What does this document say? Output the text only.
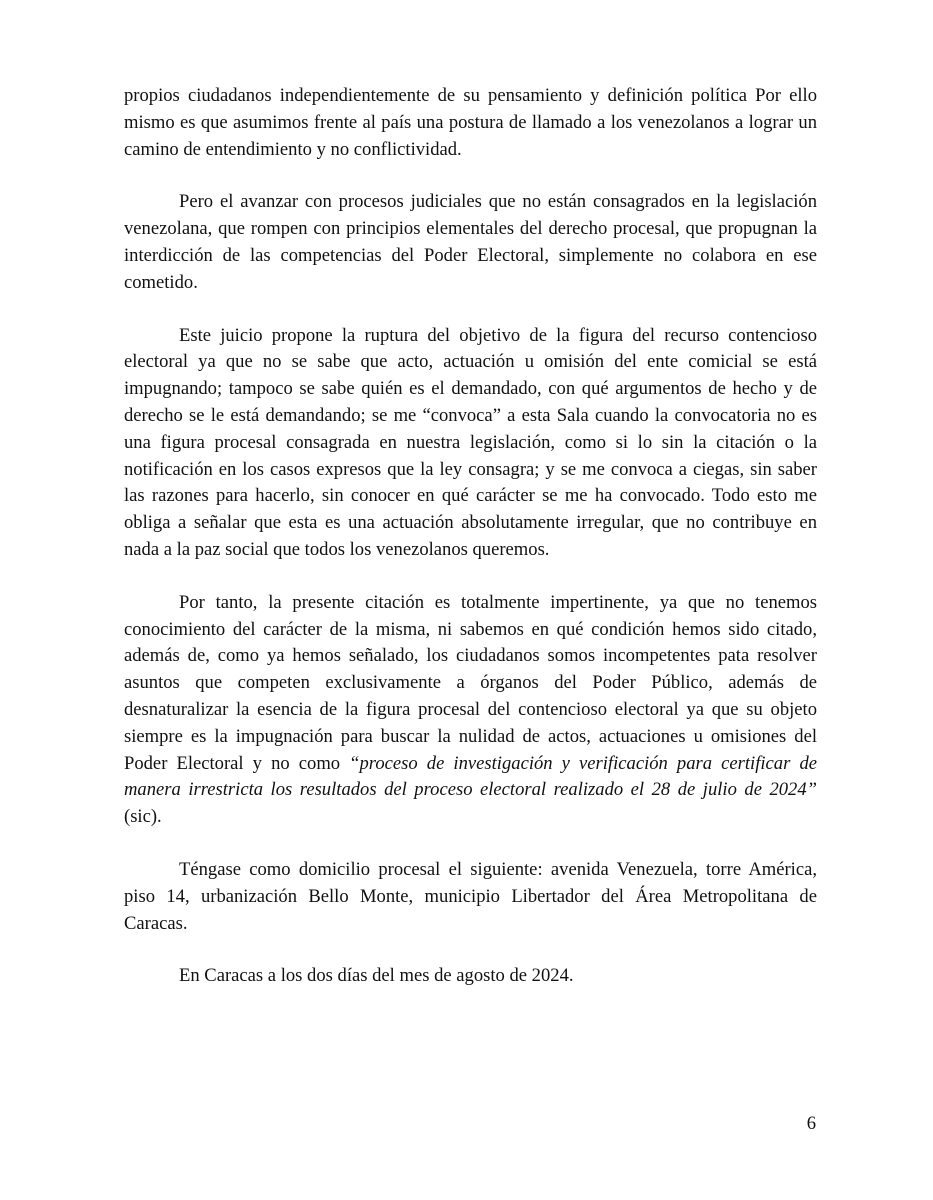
propios ciudadanos independientemente de su pensamiento y definición política Por ello mismo es que asumimos frente al país una postura de llamado a los venezolanos a lograr un camino de entendimiento y no conflictividad.

Pero el avanzar con procesos judiciales que no están consagrados en la legislación venezolana, que rompen con principios elementales del derecho procesal, que propugnan la interdicción de las competencias del Poder Electoral, simplemente no colabora en ese cometido.

Este juicio propone la ruptura del objetivo de la figura del recurso contencioso electoral ya que no se sabe que acto, actuación u omisión del ente comicial se está impugnando; tampoco se sabe quién es el demandado, con qué argumentos de hecho y de derecho se le está demandando; se me “convoca” a esta Sala cuando la convocatoria no es una figura procesal consagrada en nuestra legislación, como si lo sin la citación o la notificación en los casos expresos que la ley consagra; y se me convoca a ciegas, sin saber las razones para hacerlo, sin conocer en qué carácter se me ha convocado. Todo esto me obliga a señalar que esta es una actuación absolutamente irregular, que no contribuye en nada a la paz social que todos los venezolanos queremos.

Por tanto, la presente citación es totalmente impertinente, ya que no tenemos conocimiento del carácter de la misma, ni sabemos en qué condición hemos sido citado, además de, como ya hemos señalado, los ciudadanos somos incompetentes pata resolver asuntos que competen exclusivamente a órganos del Poder Público, además de desnaturalizar la esencia de la figura procesal del contencioso electoral ya que su objeto siempre es la impugnación para buscar la nulidad de actos, actuaciones u omisiones del Poder Electoral y no como “proceso de investigación y verificación para certificar de manera irrestricta los resultados del proceso electoral realizado el 28 de julio de 2024” (sic).

Téngase como domicilio procesal el siguiente: avenida Venezuela, torre América, piso 14, urbanización Bello Monte, municipio Libertador del Área Metropolitana de Caracas.

En Caracas a los dos días del mes de agosto de 2024.

6
